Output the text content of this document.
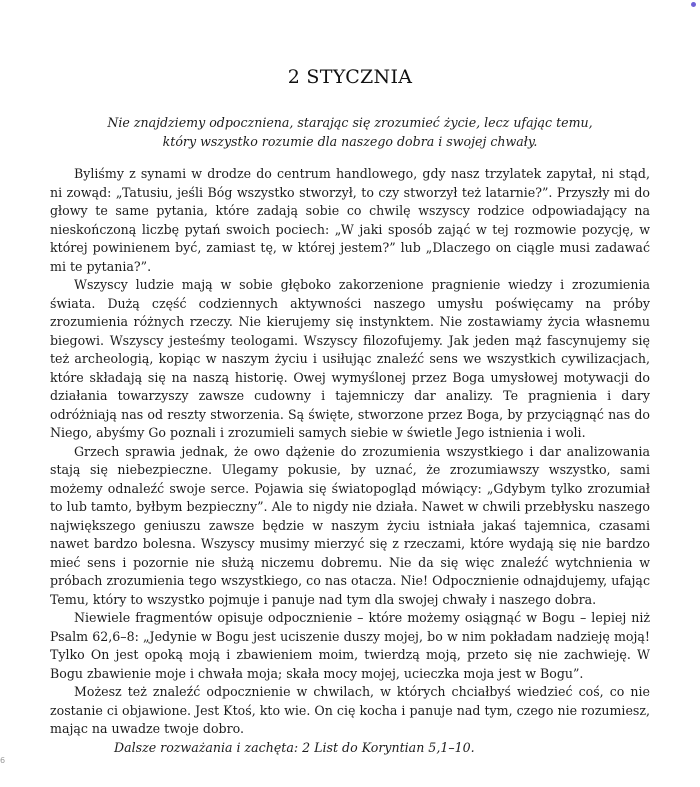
2 STYCZNIA
Nie znajdziemy odpoczniena, starając się zrozumieć życie, lecz ufając temu, który wszystko rozumie dla naszego dobra i swojej chwały.

Byliśmy z synami w drodze do centrum handlowego, gdy nasz trzylatek zapytał, ni stąd, ni zowąd: „Tatusiu, jeśli Bóg wszystko stworzył, to czy stworzył też latarnie?”. Przyszły mi do głowy te same pytania, które zadają sobie co chwilę wszyscy rodzice odpowiadający na nieskończoną liczbę pytań swoich pociech: „W jaki sposób zająć w tej rozmowie pozycję, w której powinienem być, zamiast tę, w której jestem?” lub „Dlaczego on ciągle musi zadawać mi te pytania?”.

Wszyscy ludzie mają w sobie głęboko zakorzenione pragnienie wiedzy i zrozumienia świata. Dużą część codziennych aktywności naszego umysłu poświęcamy na próby zrozumienia różnych rzeczy. Nie kierujemy się instynktem. Nie zostawiamy życia własnemu biegowi. Wszyscy jesteśmy teologami. Wszyscy filozofujemy. Jak jeden mąż fascynujemy się też archeologią, kopiąc w naszym życiu i usiłując znaleźć sens we wszystkich cywilizacjach, które składają się na naszą historię. Owej wymyślonej przez Boga umysłowej motywacji do działania towarzyszy zawsze cudowny i tajemniczy dar analizy. Te pragnienia i dary odróżniają nas od reszty stworzenia. Są święte, stworzone przez Boga, by przyciągnąć nas do Niego, abyśmy Go poznali i zrozumieli samych siebie w świetle Jego istnienia i woli.

Grzech sprawia jednak, że owo dążenie do zrozumienia wszystkiego i dar analizowania stają się niebezpieczne. Ulegamy pokusie, by uznać, że zrozumiawszy wszystko, sami możemy odnaleźć swoje serce. Pojawia się światopogląd mówiący: „Gdybym tylko zrozumiał to lub tamto, byłbym bezpieczny”. Ale to nigdy nie działa. Nawet w chwili przebłysku naszego największego geniuszu zawsze będzie w naszym życiu istniała jakaś tajemnica, czasami nawet bardzo bolesna. Wszyscy musimy mierzyć się z rzeczami, które wydają się nie bardzo mieć sens i pozornie nie służą niczemu dobremu. Nie da się więc znaleźć wytchnienia w próbach zrozumienia tego wszystkiego, co nas otacza. Nie! Odpocznienie odnajdujemy, ufając Temu, który to wszystko pojmuje i panuje nad tym dla swojej chwały i naszego dobra.

Niewiele fragmentów opisuje odpocznienie – które możemy osiągnąć w Bogu – lepiej niż Psalm 62,6–8: „Jedynie w Bogu jest uciszenie duszy mojej, bo w nim pokładam nadzieję moją! Tylko On jest opoką moją i zbawieniem moim, twierdzą moją, przeto się nie zachwieję. W Bogu zbawienie moje i chwała moja; skała mocy mojej, ucieczka moja jest w Bogu”.

Możesz też znaleźć odpocznienie w chwilach, w których chciałbyś wiedzieć coś, co nie zostanie ci objawione. Jest Ktoś, kto wie. On cię kocha i panuje nad tym, czego nie rozumiesz, mając na uwadze twoje dobro.

Dalsze rozważania i zachęta: 2 List do Koryntian 5,1–10.

6
